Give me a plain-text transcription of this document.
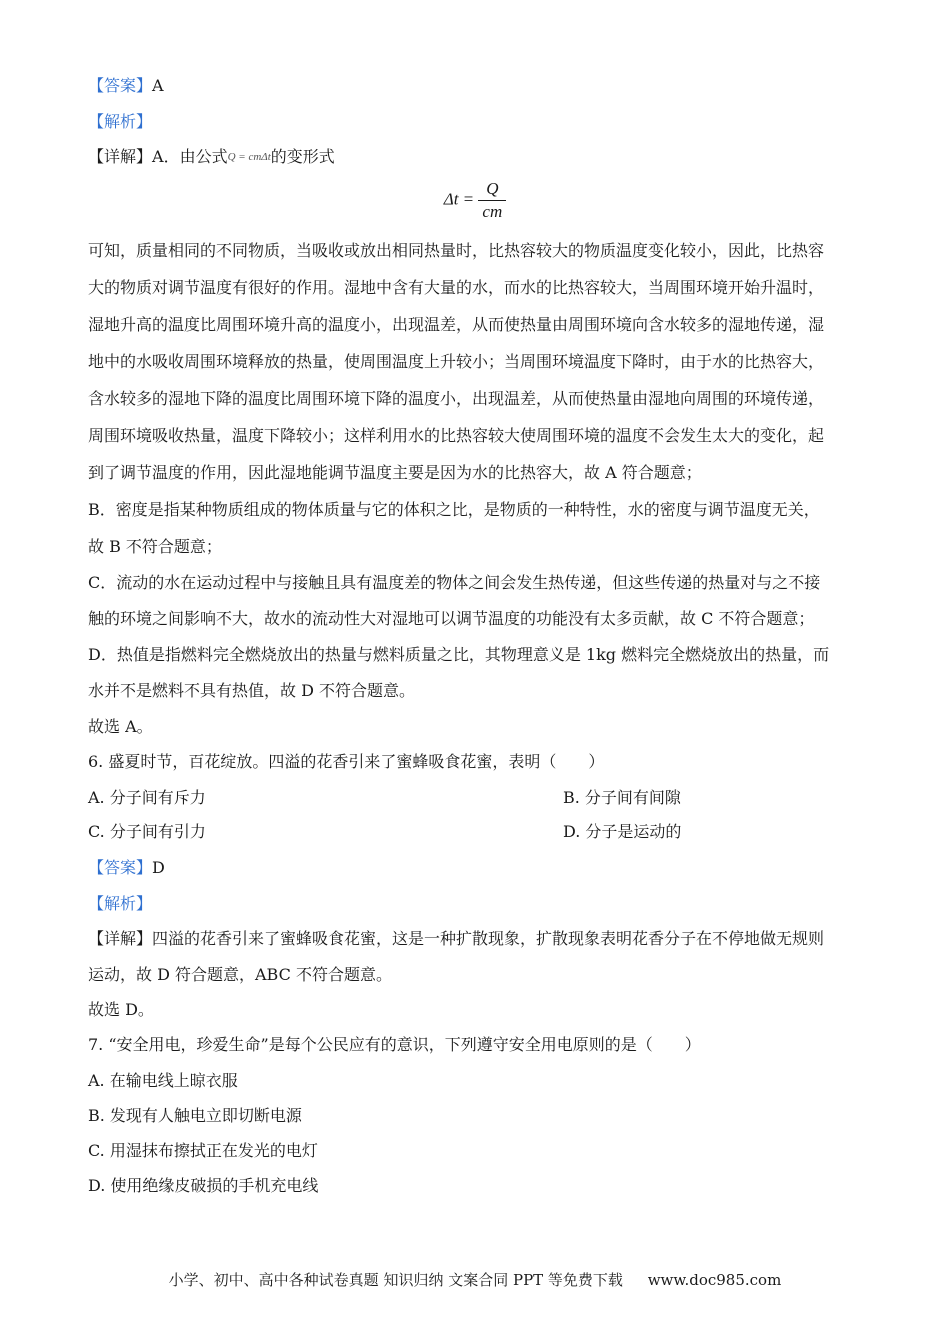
【答案】A
【解析】
【详解】A．由公式$^{Q = cm\Delta t}$的变形式
$\Delta t = \frac{Q}{cm}$
可知，质量相同的不同物质，当吸收或放出相同热量时，比热容较大的物质温度变化较小，因此，比热容
大的物质对调节温度有很好的作用。湿地中含有大量的水，而水的比热容较大，当周围环境开始升温时，
湿地升高的温度比周围环境升高的温度小，出现温差，从而使热量由周围环境向含水较多的湿地传递，湿
地中的水吸收周围环境释放的热量，使周围温度上升较小；当周围环境温度下降时，由于水的比热容大，
含水较多的湿地下降的温度比周围环境下降的温度小，出现温差，从而使热量由湿地向周围的环境传递，
周围环境吸收热量，温度下降较小；这样利用水的比热容较大使周围环境的温度不会发生太大的变化，起
到了调节温度的作用，因此湿地能调节温度主要是因为水的比热容大，故 A 符合题意；
B．密度是指某种物质组成的物体质量与它的体积之比，是物质的一种特性，水的密度与调节温度无关，
故 B 不符合题意；
C．流动的水在运动过程中与接触且具有温度差的物体之间会发生热传递，但这些传递的热量对与之不接
触的环境之间影响不大，故水的流动性大对湿地可以调节温度的功能没有太多贡献，故 C 不符合题意；
D．热值是指燃料完全燃烧放出的热量与燃料质量之比，其物理意义是 1kg 燃料完全燃烧放出的热量，而
水并不是燃料不具有热值，故 D 不符合题意。
故选 A。
6. 盛夏时节，百花绽放。四溢的花香引来了蜜蜂吸食花蜜，表明（　　）
A. 分子间有斥力	B. 分子间有间隙
C. 分子间有引力	D. 分子是运动的
【答案】D
【解析】
【详解】四溢的花香引来了蜜蜂吸食花蜜，这是一种扩散现象，扩散现象表明花香分子在不停地做无规则
运动，故 D 符合题意，ABC 不符合题意。
故选 D。
7. “安全用电，珍爱生命”是每个公民应有的意识，下列遵守安全用电原则的是（　　）
A. 在输电线上晾衣服
B. 发现有人触电立即切断电源
C. 用湿抹布擦拭正在发光的电灯
D. 使用绝缘皮破损的手机充电线
小学、初中、高中各种试卷真题 知识归纳 文案合同 PPT 等免费下载 www.doc985.com
